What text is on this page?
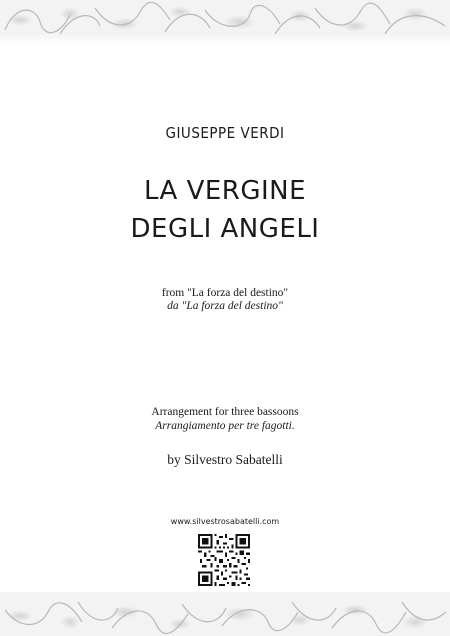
GIUSEPPE VERDI
LA VERGINE
DEGLI ANGELI
from "La forza del destino"
da "La forza del destino"
Arrangement for three bassoons
Arrangiamento per tre fagotti.
by Silvestro Sabatelli
www.silvestrosabatelli.com
